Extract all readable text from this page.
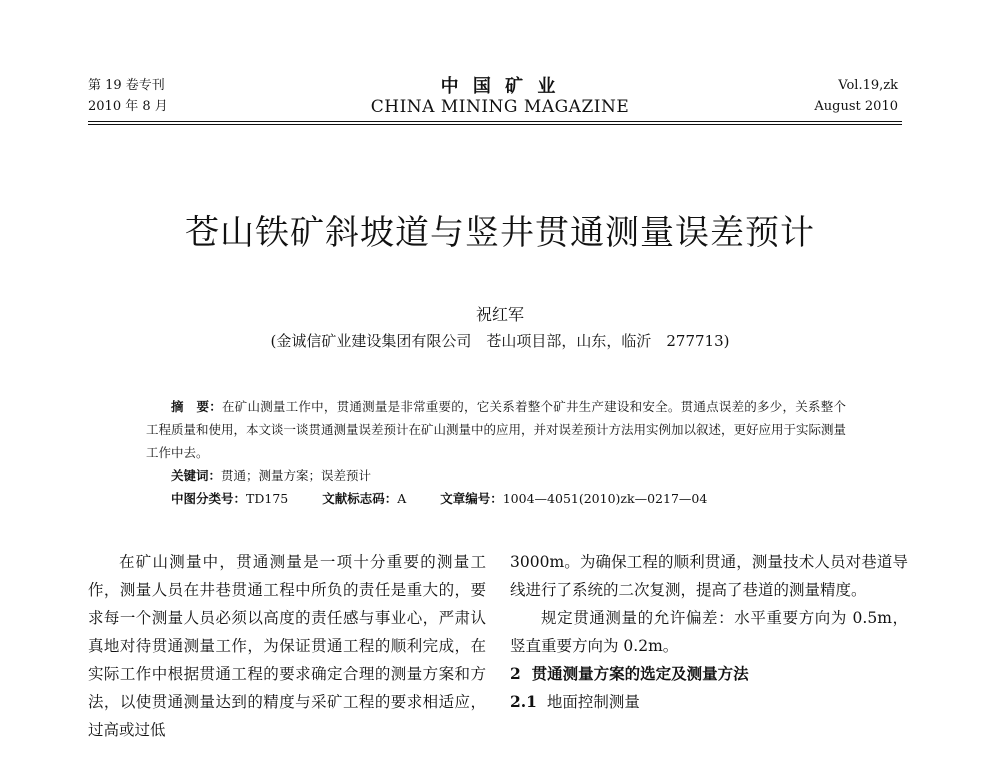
第 19 卷专刊
2010 年 8 月
中 国 矿 业
CHINA MINING MAGAZINE
Vol.19,zk
August 2010
苍山铁矿斜坡道与竖井贯通测量误差预计
祝红军
(金诚信矿业建设集团有限公司　苍山项目部，山东，临沂　277713)
摘　要：在矿山测量工作中，贯通测量是非常重要的，它关系着整个矿井生产建设和安全。贯通点误差的多少，关系整个工程质量和使用，本文谈一谈贯通测量误差预计在矿山测量中的应用，并对误差预计方法用实例加以叙述，更好应用于实际测量工作中去。
关键词：贯通；测量方案；误差预计
中图分类号：TD175	文献标志码：A	文章编号：1004—4051(2010)zk—0217—04

在矿山测量中，贯通测量是一项十分重要的测量工作，测量人员在井巷贯通工程中所负的责任是重大的，要求每一个测量人员必须以高度的责任感与事业心，严肃认真地对待贯通测量工作，为保证贯通工程的顺利完成，在实际工作中根据贯通工程的要求确定合理的测量方案和方法，以使贯通测量达到的精度与采矿工程的要求相适应，过高或过低

3000m。为确保工程的顺利贯通，测量技术人员对巷道导线进行了系统的二次复测，提高了巷道的测量精度。

规定贯通测量的允许偏差：水平重要方向为 0.5m，竖直重要方向为 0.2m。

2 贯通测量方案的选定及测量方法

2.1 地面控制测量
